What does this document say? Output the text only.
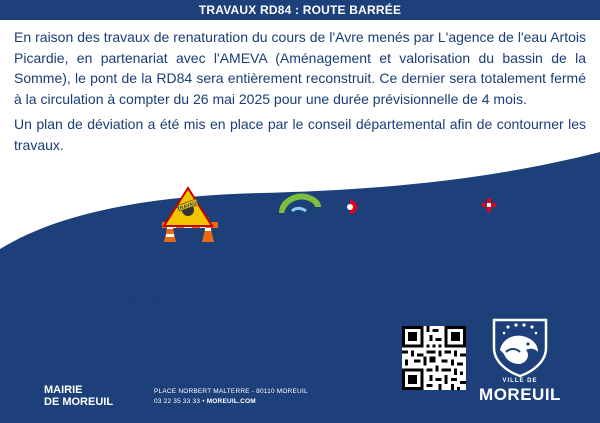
TRAVAUX RD84 : ROUTE BARRÉE

En raison des travaux de renaturation du cours de l'Avre menés par L'agence de l'eau Artois Picardie, en partenariat avec l'AMEVA (Aménagement et valorisation du bassin de la Somme), le pont de la RD84 sera entièrement reconstruit. Ce dernier sera totalement fermé à la circulation à compter du 26 mai 2025 pour une durée prévisionnelle de 4 mois.

Un plan de déviation a été mis en place par le conseil départemental afin de contourner les travaux.

TRAVAUX
ameva
Aménagement et valorisation du bassin de la Somme
OCÉLIAN VINCI
CONSTRUCTION
Vous remerciant de votre compréhension,
L'Équipe Municipale.
MAIRIE
DE MOREUIL
PLACE NORBERT MALTERRE - 80110 MOREUIL
03 22 35 33 33 • MOREUIL.COM
VILLE DE
MOREUIL
